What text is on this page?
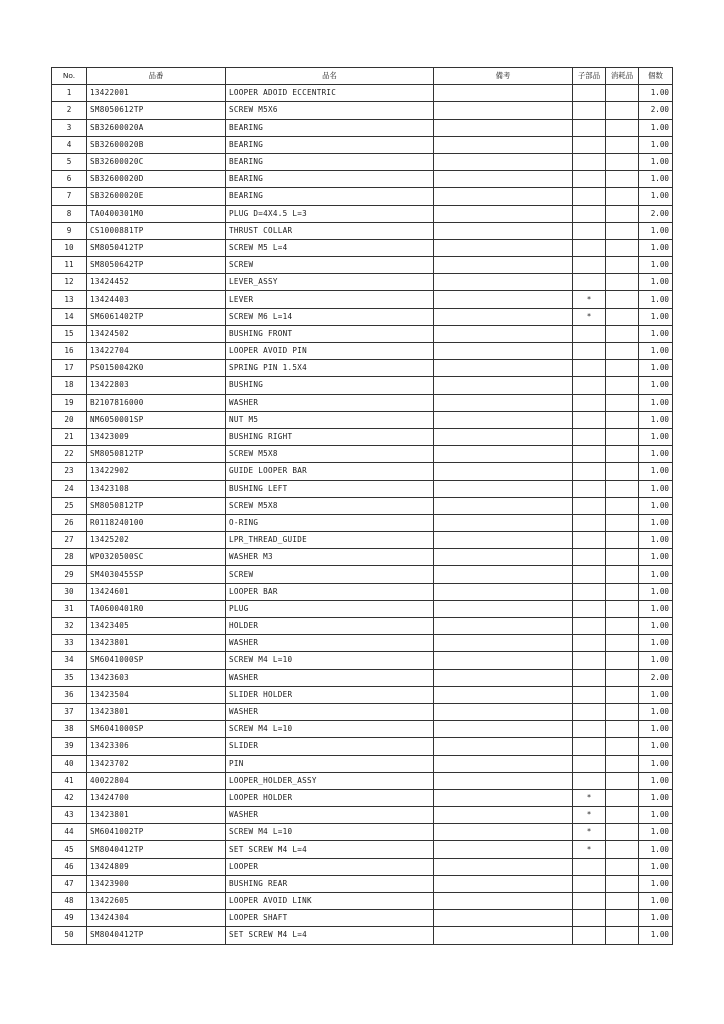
No.	品番	品名	備考	子部品	消耗品	個数
1	13422001	LOOPER ADOID ECCENTRIC				1.00
2	SM8050612TP	SCREW M5X6				2.00
3	SB32600020A	BEARING				1.00
4	SB32600020B	BEARING				1.00
5	SB32600020C	BEARING				1.00
6	SB32600020D	BEARING				1.00
7	SB32600020E	BEARING				1.00
8	TA0400301M0	PLUG D=4X4.5 L=3				2.00
9	CS1000881TP	THRUST COLLAR				1.00
10	SM8050412TP	SCREW M5 L=4				1.00
11	SM8050642TP	SCREW				1.00
12	13424452	LEVER_ASSY				1.00
13	13424403	LEVER		*		1.00
14	SM6061402TP	SCREW M6 L=14		*		1.00
15	13424502	BUSHING FRONT				1.00
16	13422704	LOOPER AVOID PIN				1.00
17	PS0150042K0	SPRING PIN 1.5X4				1.00
18	13422803	BUSHING				1.00
19	B2107816000	WASHER				1.00
20	NM6050001SP	NUT M5				1.00
21	13423009	BUSHING RIGHT				1.00
22	SM8050812TP	SCREW M5X8				1.00
23	13422902	GUIDE LOOPER BAR				1.00
24	13423108	BUSHING LEFT				1.00
25	SM8050812TP	SCREW M5X8				1.00
26	R0118240100	O-RING				1.00
27	13425202	LPR_THREAD_GUIDE				1.00
28	WP0320500SC	WASHER M3				1.00
29	SM4030455SP	SCREW				1.00
30	13424601	LOOPER BAR				1.00
31	TA0600401R0	PLUG				1.00
32	13423405	HOLDER				1.00
33	13423801	WASHER				1.00
34	SM6041000SP	SCREW M4 L=10				1.00
35	13423603	WASHER				2.00
36	13423504	SLIDER HOLDER				1.00
37	13423801	WASHER				1.00
38	SM6041000SP	SCREW M4 L=10				1.00
39	13423306	SLIDER				1.00
40	13423702	PIN				1.00
41	40022804	LOOPER_HOLDER_ASSY				1.00
42	13424700	LOOPER HOLDER		*		1.00
43	13423801	WASHER		*		1.00
44	SM6041002TP	SCREW M4 L=10		*		1.00
45	SM8040412TP	SET SCREW M4 L=4		*		1.00
46	13424809	LOOPER				1.00
47	13423900	BUSHING REAR				1.00
48	13422605	LOOPER AVOID LINK				1.00
49	13424304	LOOPER SHAFT				1.00
50	SM8040412TP	SET SCREW M4 L=4				1.00
